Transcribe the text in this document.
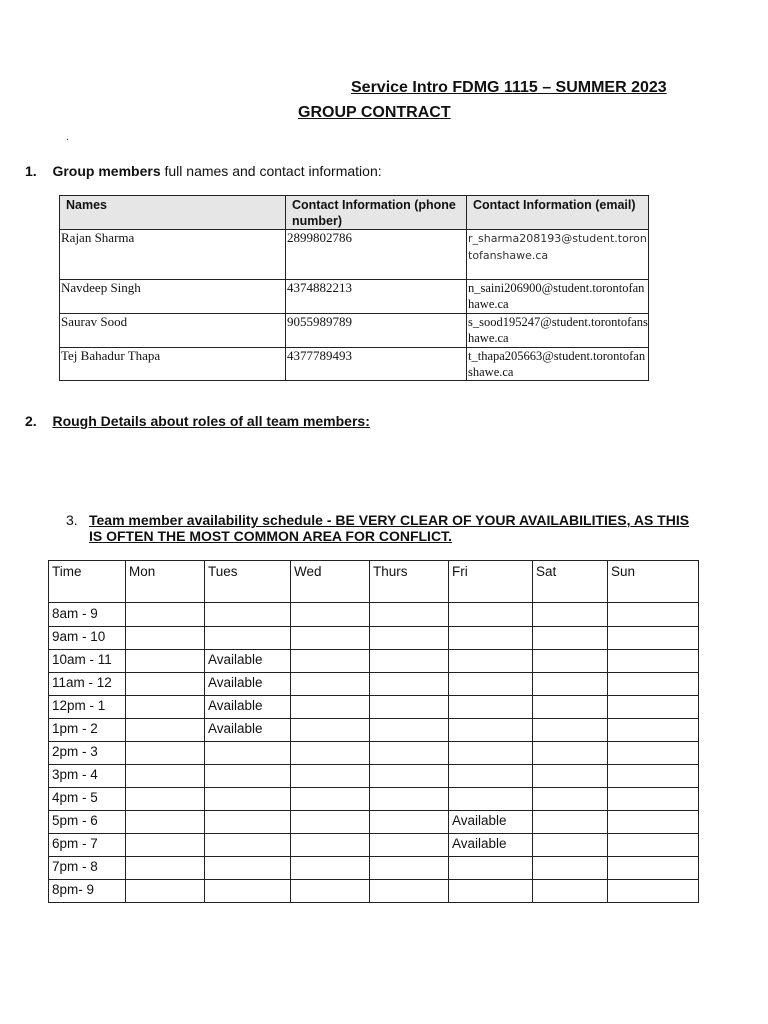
Service Intro FDMG 1115 – SUMMER 2023
GROUP CONTRACT
.
1. Group members full names and contact information:
Names	Contact Information (phone number)	Contact Information (email)
Rajan Sharma	2899802786	r_sharma208193@student.torontofanshawe.ca
Navdeep Singh	4374882213	n_saini206900@student.torontofanhawe.ca
Saurav Sood	9055989789	s_sood195247@student.torontofanshawe.ca
Tej Bahadur Thapa	4377789493	t_thapa205663@student.torontofanshawe.ca
2. Rough Details about roles of all team members:
3. Team member availability schedule - BE VERY CLEAR OF YOUR AVAILABILITIES, AS THIS
IS OFTEN THE MOST COMMON AREA FOR CONFLICT.
Time	Mon	Tues	Wed	Thurs	Fri	Sat	Sun
8am - 9							
9am - 10							
10am - 11		Available					
11am - 12		Available					
12pm - 1		Available					
1pm - 2		Available					
2pm - 3							
3pm - 4							
4pm - 5							
5pm - 6					Available		
6pm - 7					Available		
7pm - 8							
8pm- 9							
